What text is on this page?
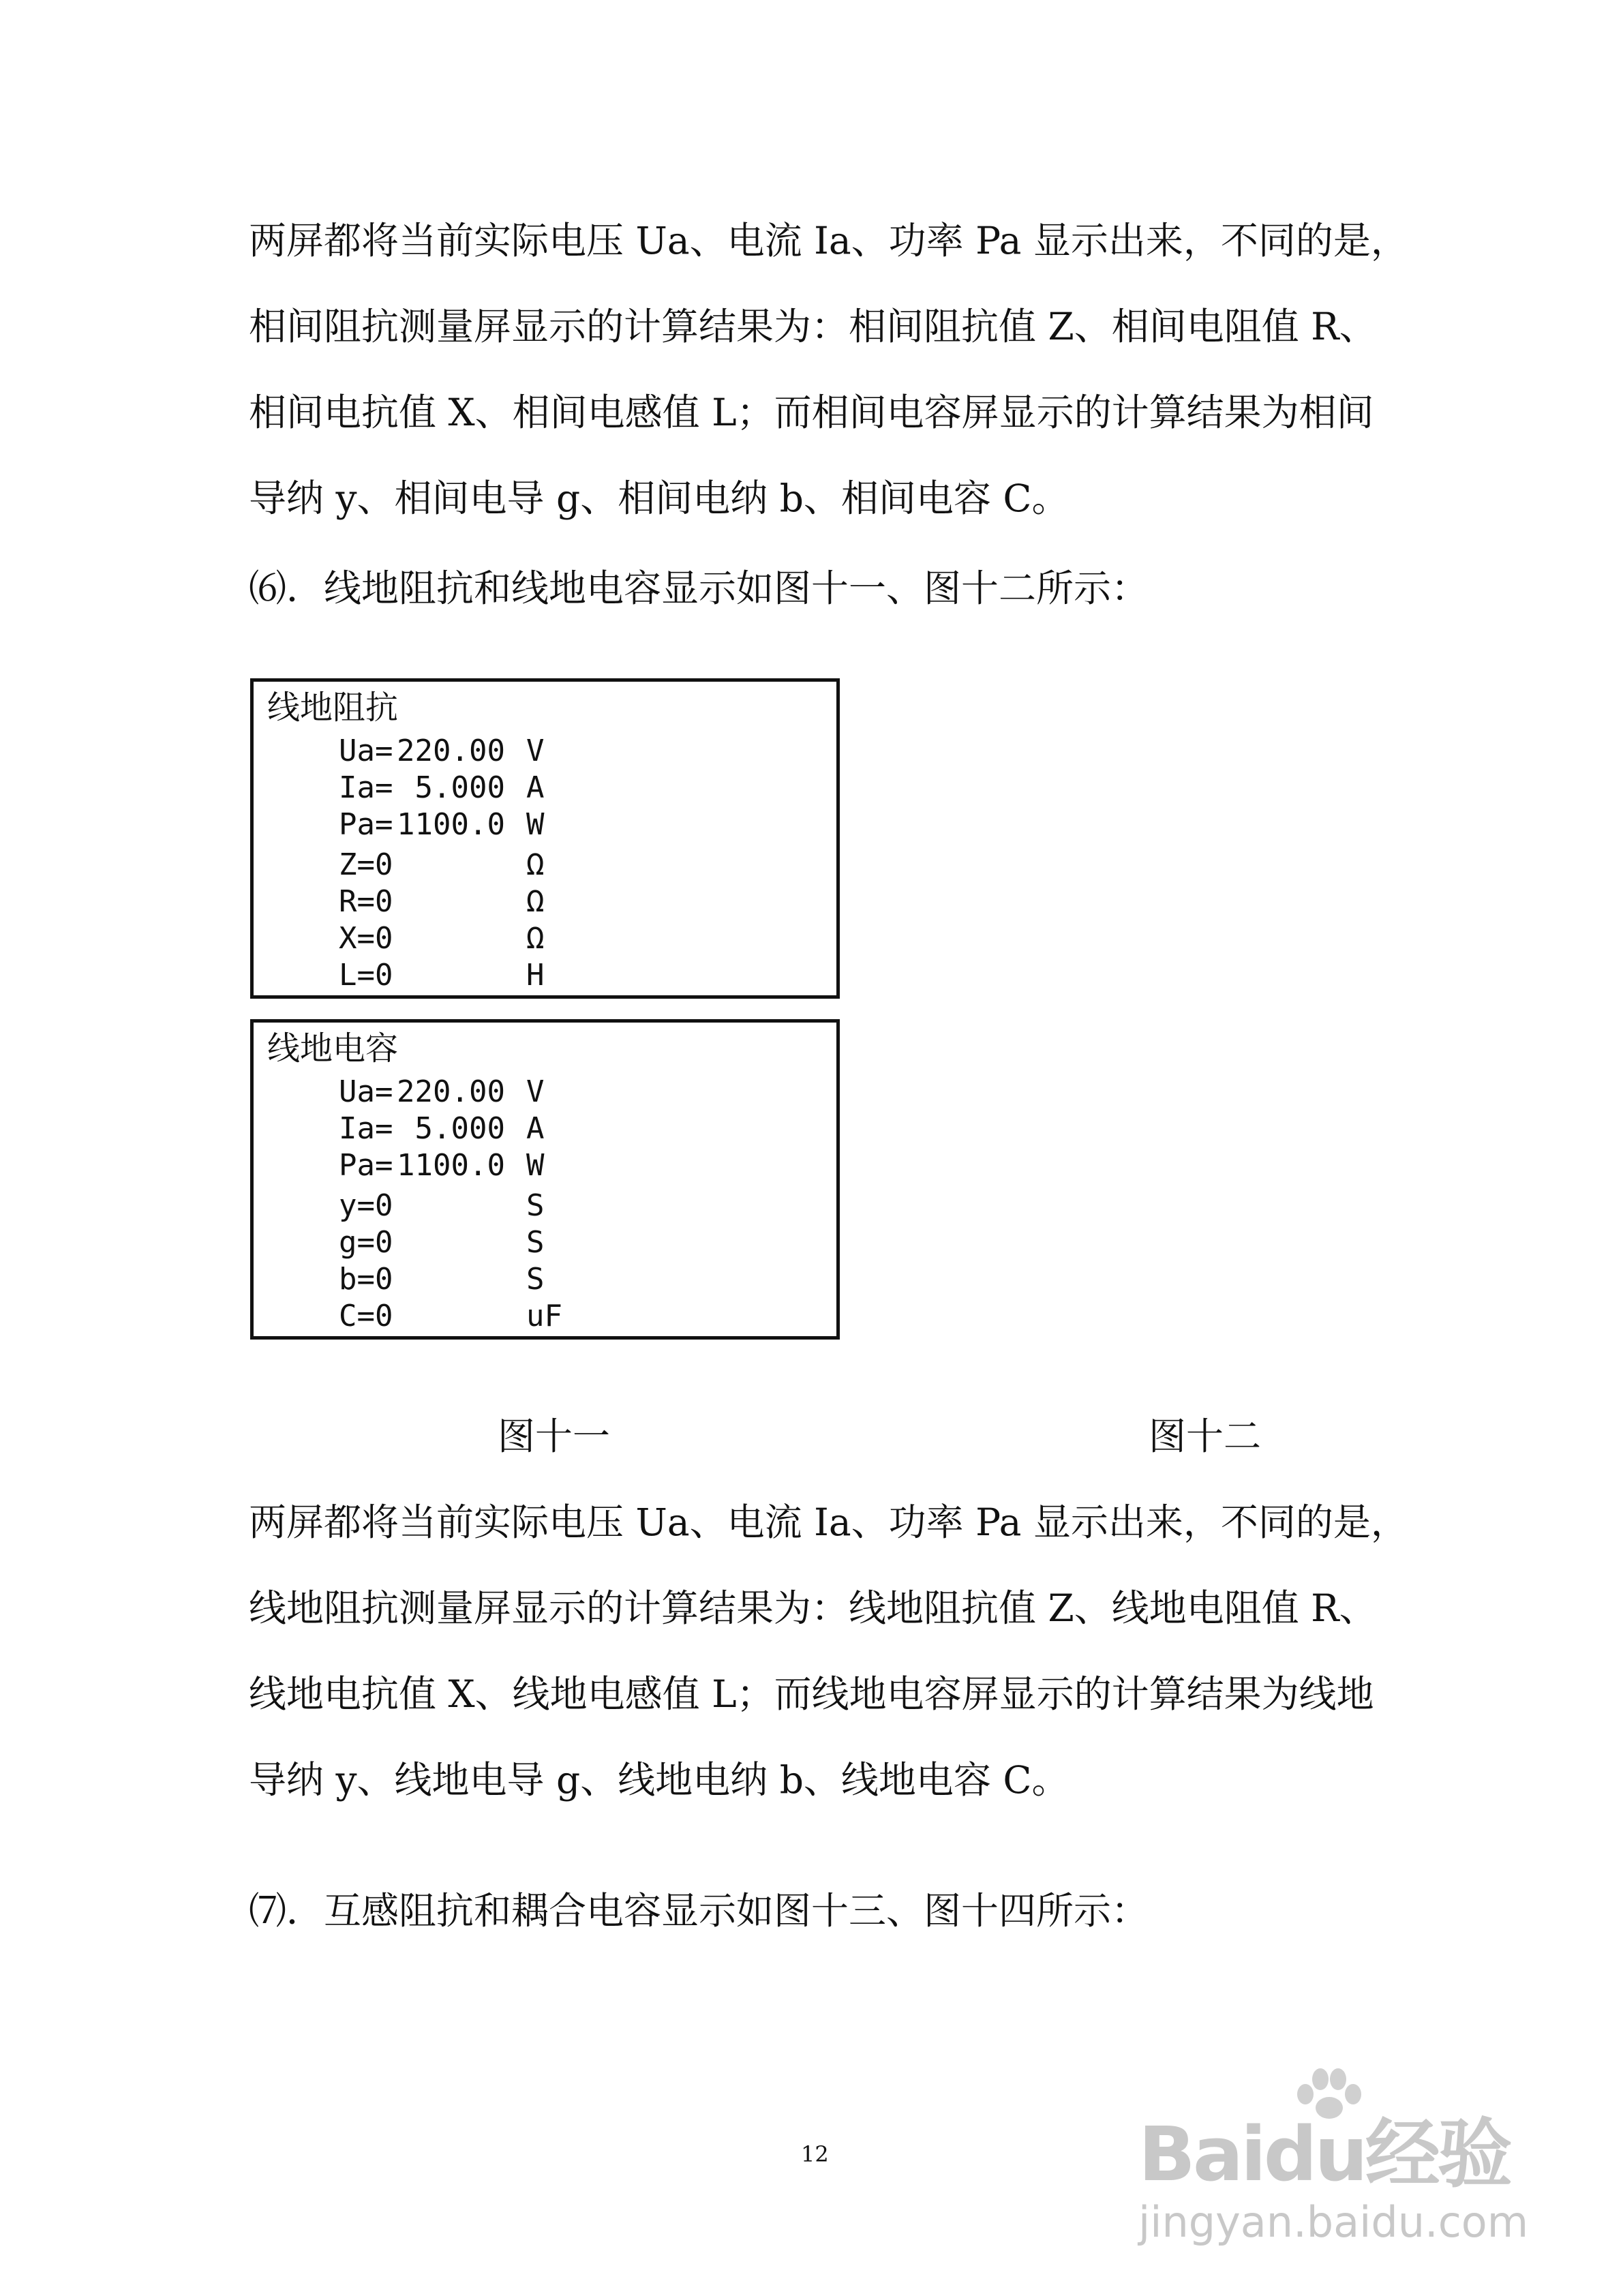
两屏都将当前实际电压 Ua、电流 Ia、功率 Pa 显示出来，不同的是，
相间阻抗测量屏显示的计算结果为：相间阻抗值 Z、相间电阻值 R、
相间电抗值 X、相间电感值 L；而相间电容屏显示的计算结果为相间
导纳 y、相间电导 g、相间电纳 b、相间电容 C。

⑹．线地阻抗和线地电容显示如图十一、图十二所示：

线地阻抗
Ua= 220.00 V
Ia= 5.000 A
Pa= 1100.0 W
Z=0	Ω
R=0	Ω
X=0	Ω
L=0	H
线地电容
Ua= 220.00 V
Ia= 5.000 A
Pa= 1100.0 W
y=0	S
g=0	S
b=0	S
C=0	uF
图十一	图十二

两屏都将当前实际电压 Ua、电流 Ia、功率 Pa 显示出来，不同的是，
线地阻抗测量屏显示的计算结果为：线地阻抗值 Z、线地电阻值 R、
线地电抗值 X、线地电感值 L；而线地电容屏显示的计算结果为线地
导纳 y、线地电导 g、线地电纳 b、线地电容 C。

⑺．互感阻抗和耦合电容显示如图十三、图十四所示：

12	Baidu经验
jingyan.baidu.com
